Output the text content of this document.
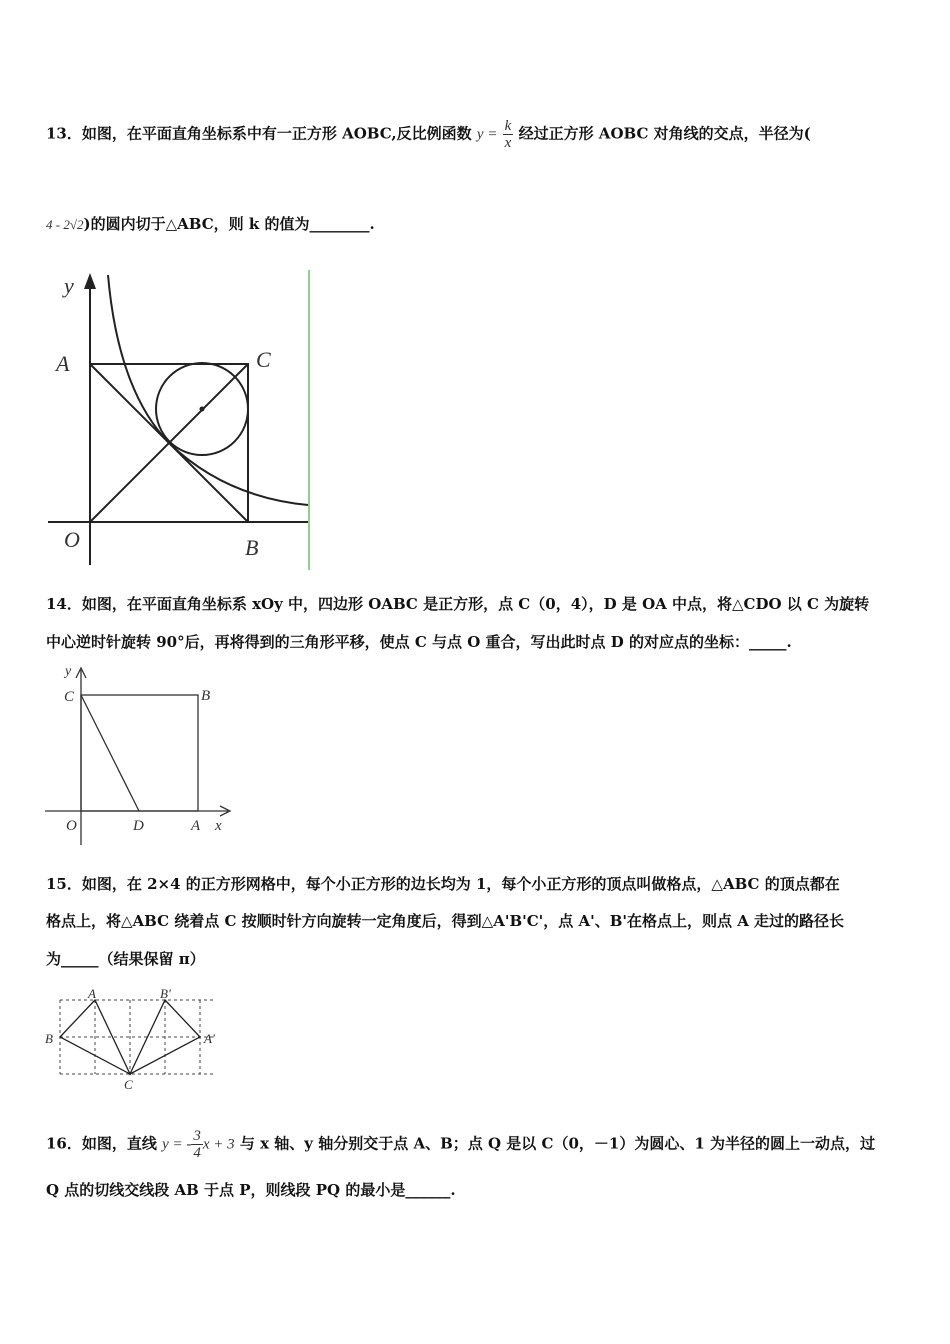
13．如图，在平面直角坐标系中有一正方形 AOBC,反比例函数 $y = \frac{k}{x}$ 经过正方形 AOBC 对角线的交点，半径为(
4 - 2√2)的圆内切于△ABC，则 k 的值为________.
y
A	C
O	B
14．如图，在平面直角坐标系 xOy 中，四边形 OABC 是正方形，点 C（0，4），D 是 OA 中点，将△CDO 以 C 为旋转
中心逆时针旋转 90°后，再将得到的三角形平移，使点 C 与点 O 重合，写出此时点 D 的对应点的坐标：_____.
y
C	B
O	D	A x
15．如图，在 2×4 的正方形网格中，每个小正方形的边长均为 1，每个小正方形的顶点叫做格点，△ABC 的顶点都在
格点上，将△ABC 绕着点 C 按顺时针方向旋转一定角度后，得到△A'B'C'，点 A'、B'在格点上，则点 A 走过的路径长
为_____（结果保留 π）
A	B'
B	A'
C
16．如图，直线 y = - $\frac{3}{4}$ x + 3 与 x 轴、y 轴分别交于点 A、B；点 Q 是以 C（0，－1）为圆心、1 为半径的圆上一动点，过
Q 点的切线交线段 AB 于点 P，则线段 PQ 的最小是______.
